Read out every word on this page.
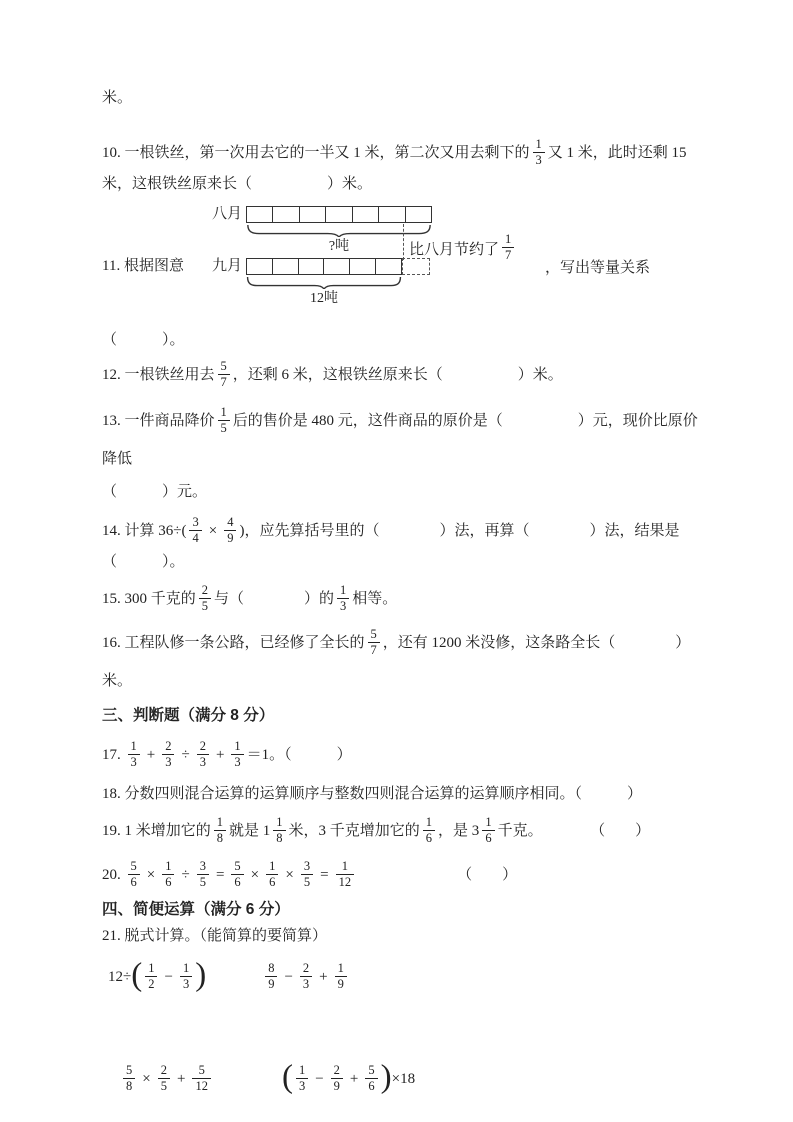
米。
10. 一根铁丝，第一次用去它的一半又 1 米，第二次又用去剩下的 $\frac{1}{3}$ 又 1 米，此时还剩 15
米，这根铁丝原来长（　　　　　）米。
11. 根据图意
八月
?吨	比八月节约了 $\frac{1}{7}$
九月
12吨
，写出等量关系
（　　　）。
12. 一根铁丝用去 $\frac{5}{7}$ ，还剩 6 米，这根铁丝原来长（　　　　　）米。
13. 一件商品降价 $\frac{1}{5}$ 后的售价是 480 元，这件商品的原价是（　　　　　）元，现价比原价降低
（　　　）元。
14. 计算 $36\div( \frac{3}{4} \times \frac{4}{9}$ )，应先算括号里的（　　　　）法，再算（　　　　）法，结果是
（　　　）。
15. 300 千克的 $\frac{2}{5}$ 与（　　　　）的 $\frac{1}{3}$ 相等。
16. 工程队修一条公路，已经修了全长的 $\frac{5}{7}$ ，还有 1200 米没修，这条路全长（　　　　）米。
三、判断题（满分 8 分）
17. $\frac{1}{3} + \frac{2}{3} \div \frac{2}{3} + \frac{1}{3} =1$。（　　　）
18. 分数四则混合运算的运算顺序与整数四则混合运算的运算顺序相同。（　　　）
19. 1 米增加它的 $\frac{1}{8}$ 就是 $1 \frac{1}{8}$ 米，3 千克增加它的 $\frac{1}{6}$ ，是 $3 \frac{1}{6}$ 千克。	（　　）
20. $\frac{5}{6} \times \frac{1}{6} \div \frac{3}{5} = \frac{5}{6} \times \frac{1}{6} \times \frac{3}{5} = \frac{1}{12}$	（　　）
四、简便运算（满分 6 分）
21. 脱式计算。（能简算的要简算）
12÷ ( $\frac{1}{2} - \frac{1}{3}$ )	$\frac{8}{9} - \frac{2}{3} + \frac{1}{9}$
$\frac{5}{8} \times \frac{2}{5} + \frac{5}{12}$ ( $\frac{1}{3} - \frac{2}{9} + \frac{5}{6}$ ) ×18
